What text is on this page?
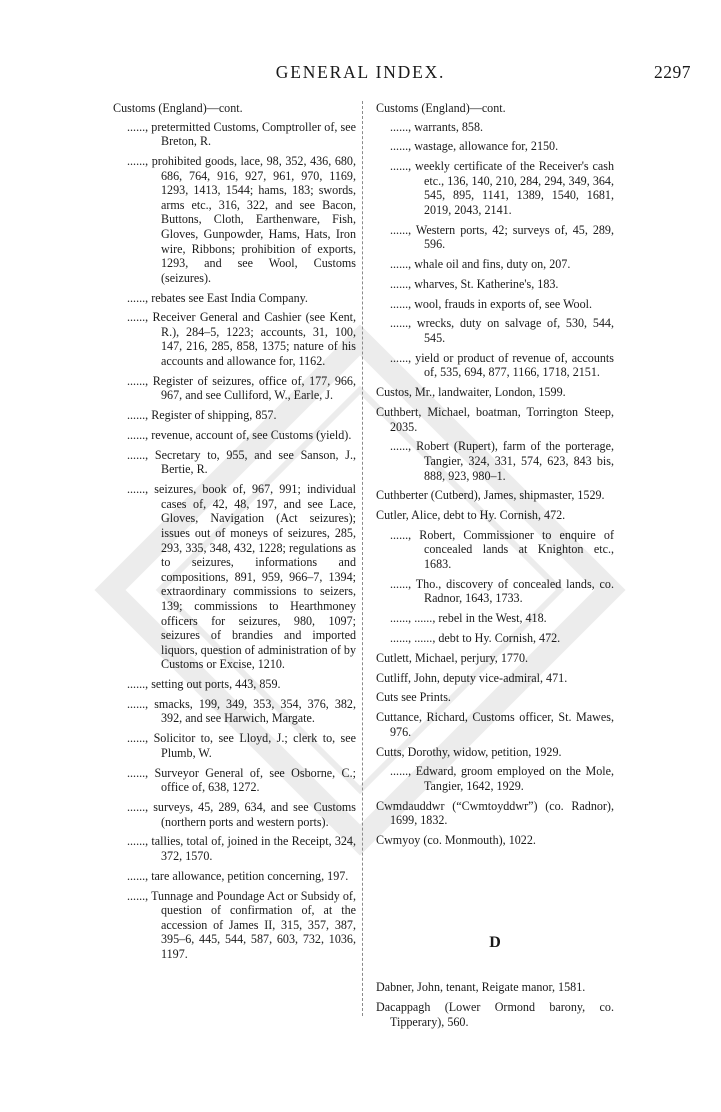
GENERAL INDEX.	2297
Customs (England)—cont.
......, pretermitted Customs, Comptroller of, see Breton, R.
......, prohibited goods, lace, 98, 352, 436, 680, 686, 764, 916, 927, 961, 970, 1169, 1293, 1413, 1544; hams, 183; swords, arms etc., 316, 322, and see Bacon, Buttons, Cloth, Earthenware, Fish, Gloves, Gunpowder, Hams, Hats, Iron wire, Ribbons; prohibition of exports, 1293, and see Wool, Customs (seizures).
......, rebates see East India Company.
......, Receiver General and Cashier (see Kent, R.), 284–5, 1223; accounts, 31, 100, 147, 216, 285, 858, 1375; nature of his accounts and allowance for, 1162.
......, Register of seizures, office of, 177, 966, 967, and see Culliford, W., Earle, J.
......, Register of shipping, 857.
......, revenue, account of, see Customs (yield).
......, Secretary to, 955, and see Sanson, J., Bertie, R.
......, seizures, book of, 967, 991; individual cases of, 42, 48, 197, and see Lace, Gloves, Navigation (Act seizures); issues out of moneys of seizures, 285, 293, 335, 348, 432, 1228; regulations as to seizures, informations and compositions, 891, 959, 966–7, 1394; extraordinary commissions to seizers, 139; commissions to Hearthmoney officers for seizures, 980, 1097; seizures of brandies and imported liquors, question of administration of by Customs or Excise, 1210.
......, setting out ports, 443, 859.
......, smacks, 199, 349, 353, 354, 376, 382, 392, and see Harwich, Margate.
......, Solicitor to, see Lloyd, J.; clerk to, see Plumb, W.
......, Surveyor General of, see Osborne, C.; office of, 638, 1272.
......, surveys, 45, 289, 634, and see Customs (northern ports and western ports).
......, tallies, total of, joined in the Receipt, 324, 372, 1570.
......, tare allowance, petition concerning, 197.
......, Tunnage and Poundage Act or Subsidy of, question of confirmation of, at the accession of James II, 315, 357, 387, 395–6, 445, 544, 587, 603, 732, 1036, 1197.
Customs (England)—cont.
......, warrants, 858.
......, wastage, allowance for, 2150.
......, weekly certificate of the Receiver's cash etc., 136, 140, 210, 284, 294, 349, 364, 545, 895, 1141, 1389, 1540, 1681, 2019, 2043, 2141.
......, Western ports, 42; surveys of, 45, 289, 596.
......, whale oil and fins, duty on, 207.
......, wharves, St. Katherine's, 183.
......, wool, frauds in exports of, see Wool.
......, wrecks, duty on salvage of, 530, 544, 545.
......, yield or product of revenue of, accounts of, 535, 694, 877, 1166, 1718, 2151.
Custos, Mr., landwaiter, London, 1599.
Cuthbert, Michael, boatman, Torrington Steep, 2035.
......, Robert (Rupert), farm of the porterage, Tangier, 324, 331, 574, 623, 843 bis, 888, 923, 980–1.
Cuthberter (Cutberd), James, shipmaster, 1529.
Cutler, Alice, debt to Hy. Cornish, 472.
......, Robert, Commissioner to enquire of concealed lands at Knighton etc., 1683.
......, Tho., discovery of concealed lands, co. Radnor, 1643, 1733.
......, ......, rebel in the West, 418.
......, ......, debt to Hy. Cornish, 472.
Cutlett, Michael, perjury, 1770.
Cutliff, John, deputy vice-admiral, 471.
Cuts see Prints.
Cuttance, Richard, Customs officer, St. Mawes, 976.
Cutts, Dorothy, widow, petition, 1929.
......, Edward, groom employed on the Mole, Tangier, 1642, 1929.
Cwmdauddwr (“Cwmtoyddwr”) (co. Radnor), 1699, 1832.
Cwmyoy (co. Monmouth), 1022.
D
Dabner, John, tenant, Reigate manor, 1581.
Dacappagh (Lower Ormond barony, co. Tipperary), 560.
